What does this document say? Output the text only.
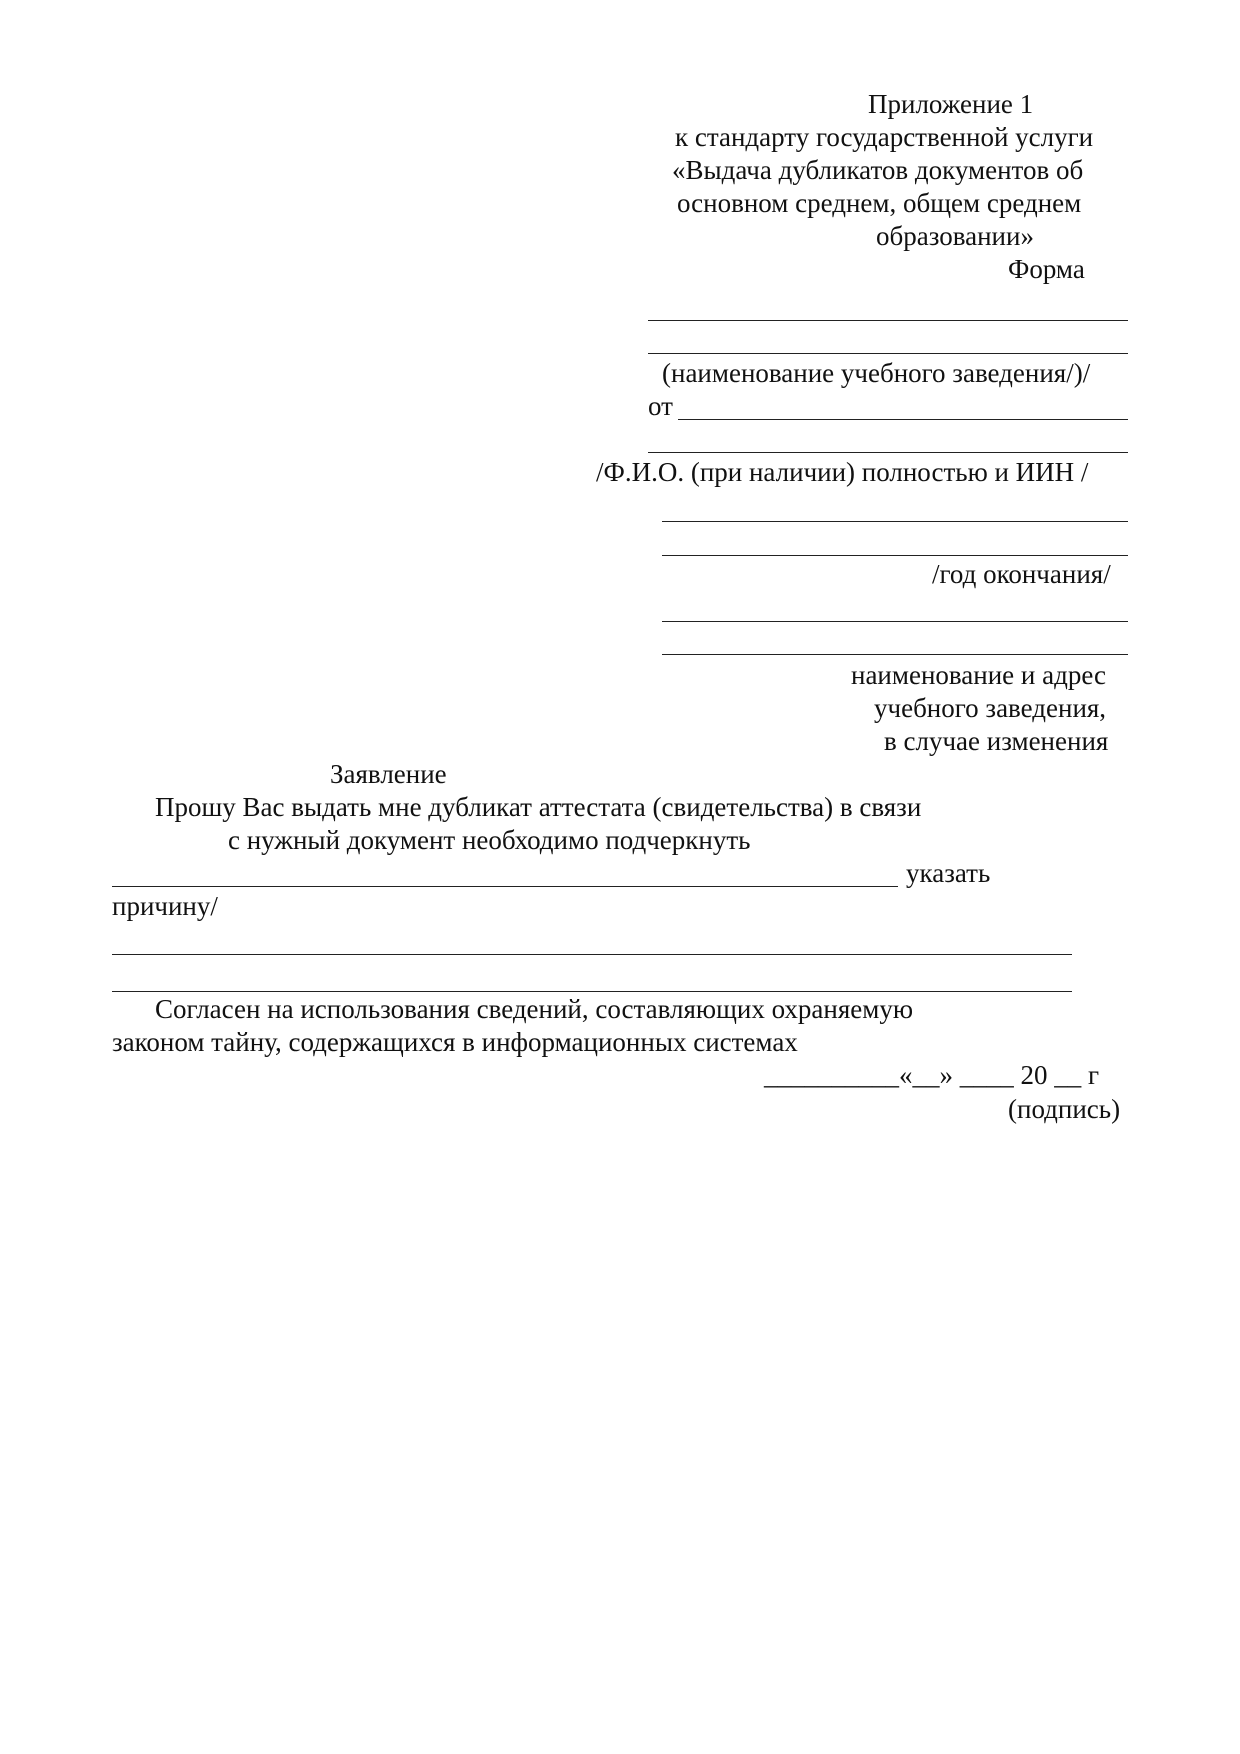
Приложение 1

к стандарту государственной услуги

«Выдача дубликатов документов об

основном среднем, общем среднем

образовании»

Форма

(наименование учебного заведения/)/

от

/Ф.И.О. (при наличии) полностью и ИИН /

/год окончания/

наименование и адрес

учебного заведения,

в случае изменения

Заявление

Прошу Вас выдать мне дубликат аттестата (свидетельства) в связи

с нужный документ необходимо подчеркнуть

указать

причину/

Согласен на использования сведений, составляющих охраняемую

законом тайну, содержащихся в информационных системах

__________«__» ____ 20 __ г

(подпись)
